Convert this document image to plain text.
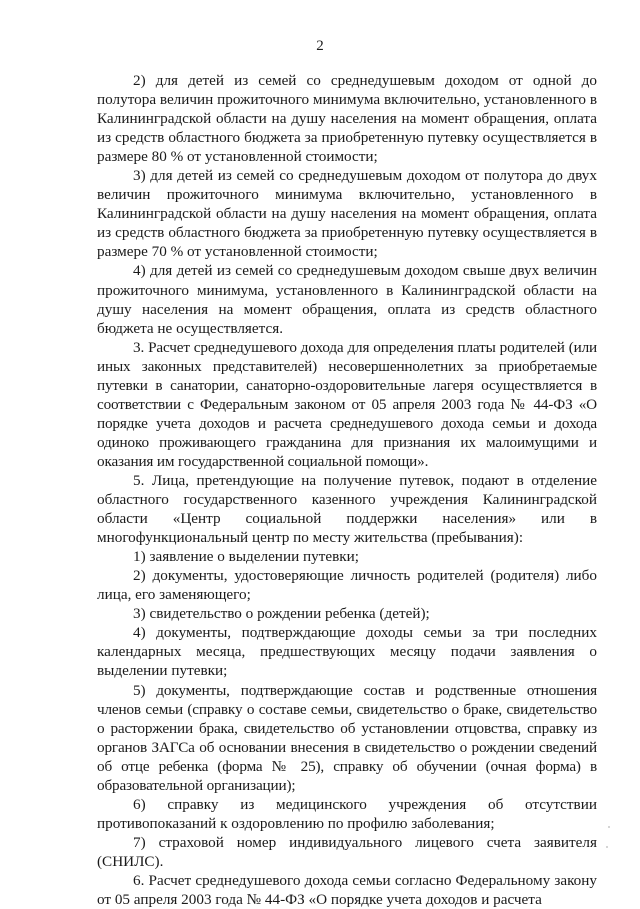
2

2) для детей из семей со среднедушевым доходом от одной до полутора величин прожиточного минимума включительно, установленного в Калининградской области на душу населения на момент обращения, оплата из средств областного бюджета за приобретенную путевку осуществляется в размере 80 % от установленной стоимости;

3) для детей из семей со среднедушевым доходом от полутора до двух величин прожиточного минимума включительно, установленного в Калининградской области на душу населения на момент обращения, оплата из средств областного бюджета за приобретенную путевку осуществляется в размере 70 % от установленной стоимости;

4) для детей из семей со среднедушевым доходом свыше двух величин прожиточного минимума, установленного в Калининградской области на душу населения на момент обращения, оплата из средств областного бюджета не осуществляется.

3. Расчет среднедушевого дохода для определения платы родителей (или иных законных представителей) несовершеннолетних за приобретаемые путевки в санатории, санаторно-оздоровительные лагеря осуществляется в соответствии с Федеральным законом от 05 апреля 2003 года № 44-ФЗ «О порядке учета доходов и расчета среднедушевого дохода семьи и дохода одиноко проживающего гражданина для признания их малоимущими и оказания им государственной социальной помощи».

5. Лица, претендующие на получение путевок, подают в отделение областного государственного казенного учреждения Калининградской области «Центр социальной поддержки населения» или в многофункциональный центр по месту жительства (пребывания):

1) заявление о выделении путевки;

2) документы, удостоверяющие личность родителей (родителя) либо лица, его заменяющего;

3) свидетельство о рождении ребенка (детей);

4) документы, подтверждающие доходы семьи за три последних календарных месяца, предшествующих месяцу подачи заявления о выделении путевки;

5) документы, подтверждающие состав и родственные отношения членов семьи (справку о составе семьи, свидетельство о браке, свидетельство о расторжении брака, свидетельство об установлении отцовства, справку из органов ЗАГСа об основании внесения в свидетельство о рождении сведений об отце ребенка (форма № 25), справку об обучении (очная форма) в образовательной организации);

6) справку из медицинского учреждения об отсутствии противопоказаний к оздоровлению по профилю заболевания;

7) страховой номер индивидуального лицевого счета заявителя (СНИЛС).

6. Расчет среднедушевого дохода семьи согласно Федеральному закону от 05 апреля 2003 года № 44-ФЗ «О порядке учета доходов и расчета
